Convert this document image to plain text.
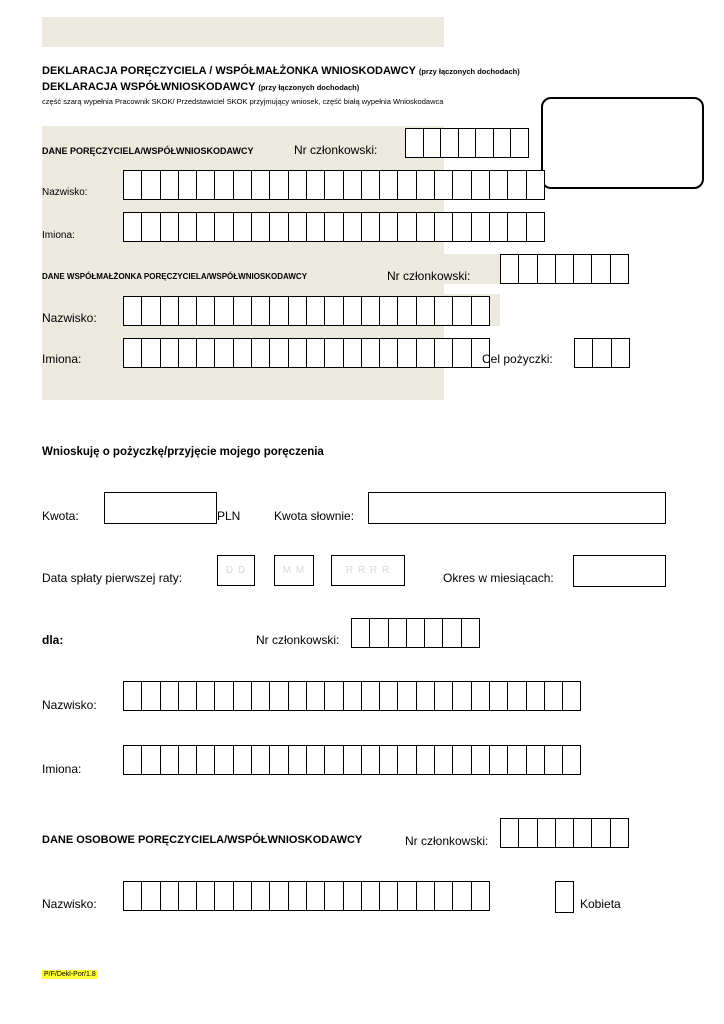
DEKLARACJA PORĘCZYCIELA / WSPÓŁMAŁŻONKA WNIOSKODAWCY (przy łączonych dochodach)
DEKLARACJA WSPÓŁWNIOSKODAWCY (przy łączonych dochodach)
część szarą wypełnia Pracownik SKOK/ Przedstawiciel SKOK przyjmujący wniosek, część białą wypełnia Wnioskodawca
DANE PORĘCZYCIELA/WSPÓŁWNIOSKODAWCY	Nr członkowski:
Nazwisko:
Imiona:
DANE WSPÓŁMAŁŻONKA PORĘCZYCIELA/WSPÓŁWNIOSKODAWCY	Nr członkowski:
Nazwisko:
Imiona:	Cel pożyczki:
Wnioskuję o pożyczkę/przyjęcie mojego poręczenia
Kwota:	PLN	Kwota słownie:
Data spłaty pierwszej raty:
D D	M M	R R R R
Okres w miesiącach:
dla:	Nr członkowski:
Nazwisko:
Imiona:
DANE OSOBOWE PORĘCZYCIELA/WSPÓŁWNIOSKODAWCY	Nr członkowski:
Nazwisko:	Kobieta
P/F/Dekl-Por/1.8
